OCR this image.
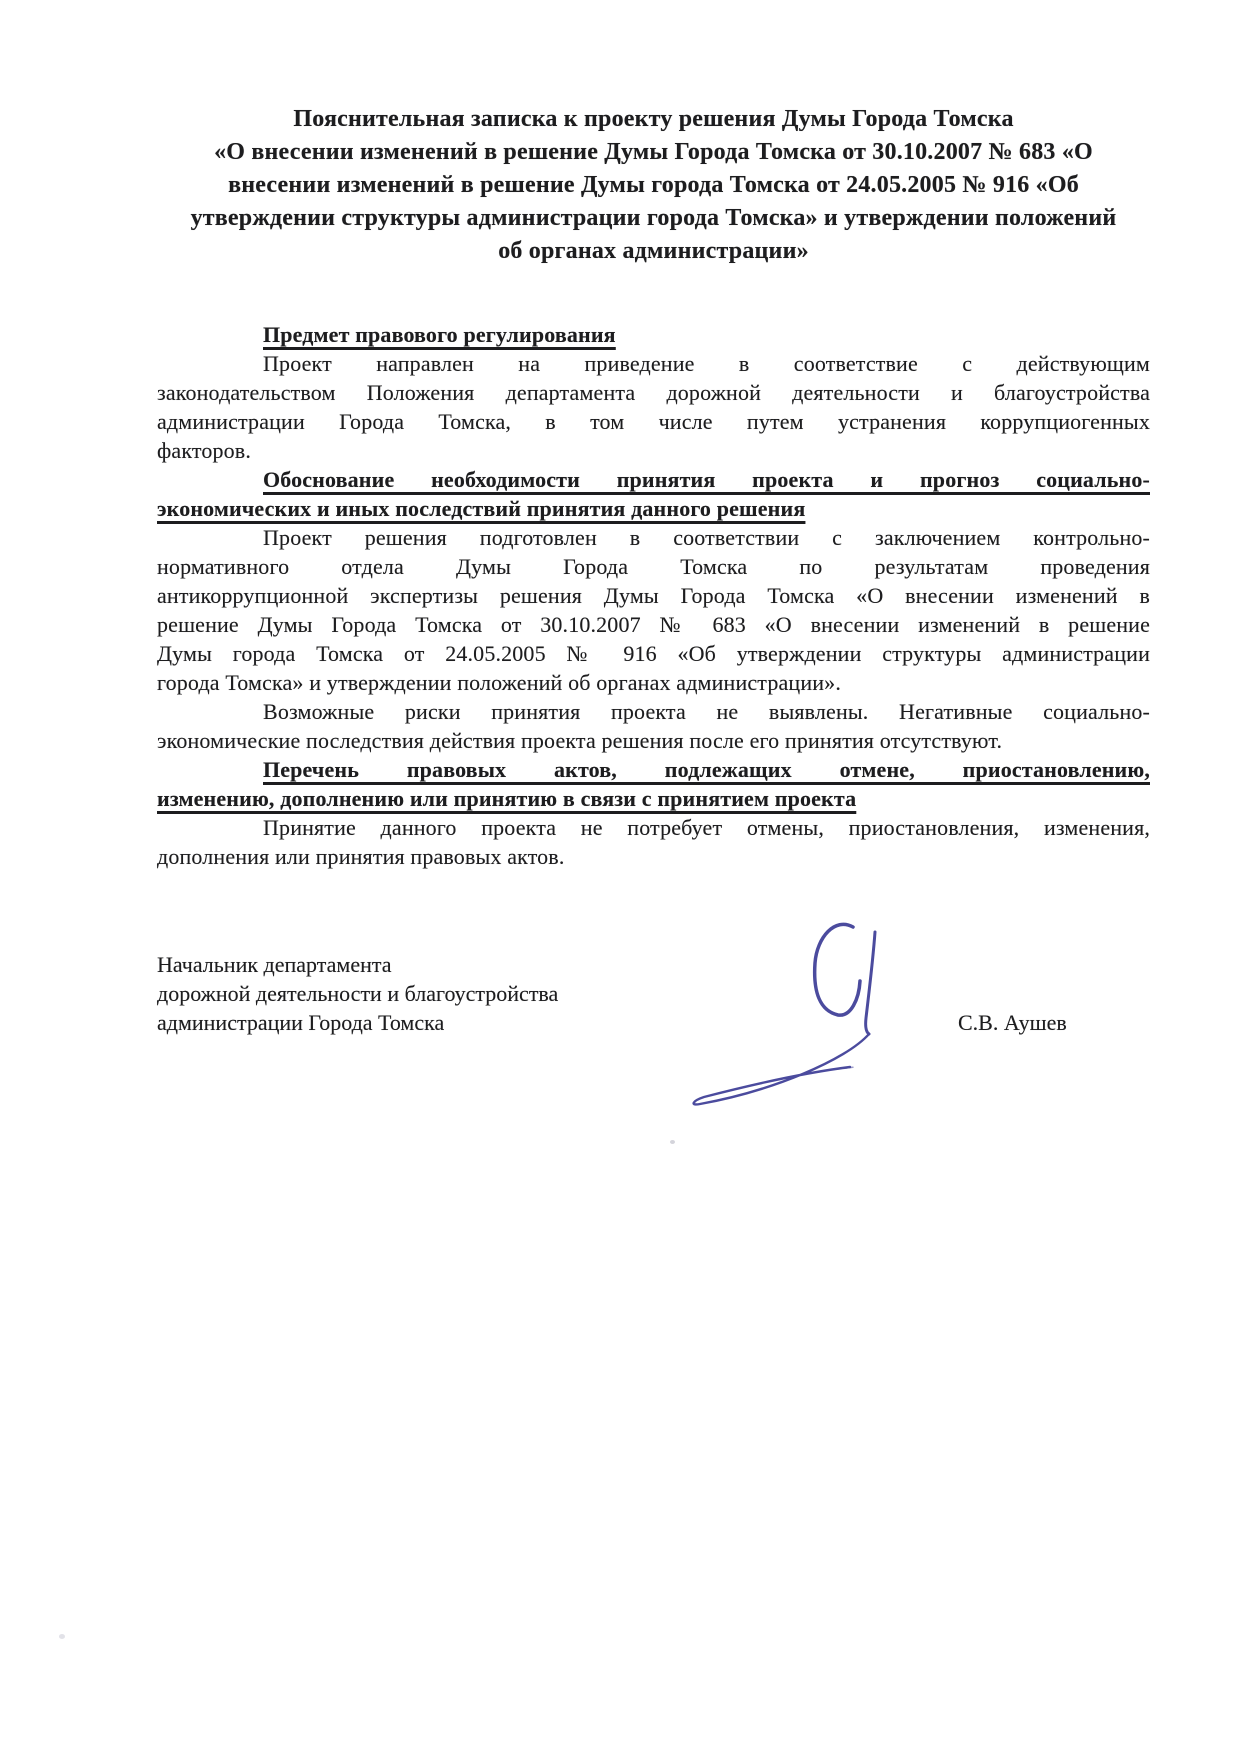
Пояснительная записка к проекту решения Думы Города Томска
«О внесении изменений в решение Думы Города Томска от 30.10.2007 № 683 «О
внесении изменений в решение Думы города Томска от 24.05.2005 № 916 «Об
утверждении структуры администрации города Томска» и утверждении положений
об органах администрации»
Предмет правового регулирования
Проект направлен на приведение в соответствие с действующим
законодательством Положения департамента дорожной деятельности и благоустройства
администрации Города Томска, в том числе путем устранения коррупциогенных
факторов.
Обоснование необходимости принятия проекта и прогноз социально-
экономических и иных последствий принятия данного решения
Проект решения подготовлен в соответствии с заключением контрольно-
нормативного отдела Думы Города Томска по результатам проведения
антикоррупционной экспертизы решения Думы Города Томска «О внесении изменений в
решение Думы Города Томска от 30.10.2007 № 683 «О внесении изменений в решение
Думы города Томска от 24.05.2005 № 916 «Об утверждении структуры администрации
города Томска» и утверждении положений об органах администрации».
Возможные риски принятия проекта не выявлены. Негативные социально-
экономические последствия действия проекта решения после его принятия отсутствуют.
Перечень правовых актов, подлежащих отмене, приостановлению,
изменению, дополнению или принятию в связи с принятием проекта
Принятие данного проекта не потребует отмены, приостановления, изменения,
дополнения или принятия правовых актов.
Начальник департамента
дорожной деятельности и благоустройства
администрации Города Томска	С.В. Аушев
